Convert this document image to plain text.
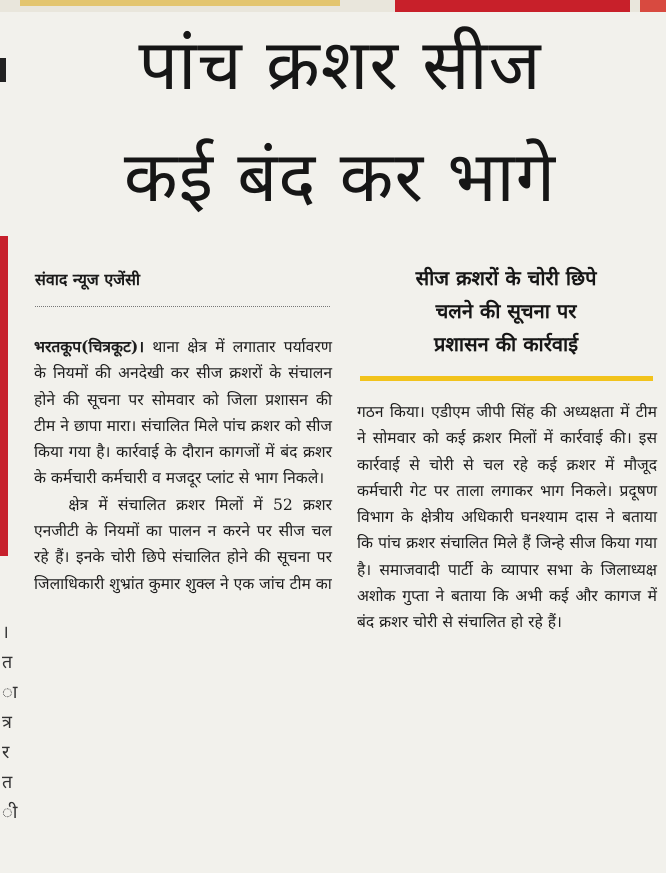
पांच क्रशर सीज
कई बंद कर भागे
संवाद न्यूज एजेंसी

भरतकूप(चित्रकूट)। थाना क्षेत्र में लगातार पर्यावरण के नियमों की अनदेखी कर सीज क्रशरों के संचालन होने की सूचना पर सोमवार को जिला प्रशासन की टीम ने छापा मारा। संचालित मिले पांच क्रशर को सीज किया गया है। कार्रवाई के दौरान कागजों में बंद क्रशर के कर्मचारी कर्मचारी व मजदूर प्लांट से भाग निकले।

क्षेत्र में संचालित क्रशर मिलों में 52 क्रशर एनजीटी के नियमों का पालन न करने पर सीज चल रहे हैं। इनके चोरी छिपे संचालित होने की सूचना पर जिलाधिकारी शुभ्रांत कुमार शुक्ल ने एक जांच टीम का

सीज क्रशरों के चोरी छिपे
चलने की सूचना पर
प्रशासन की कार्रवाई

गठन किया। एडीएम जीपी सिंह की अध्यक्षता में टीम ने सोमवार को कई क्रशर मिलों में कार्रवाई की। इस कार्रवाई से चोरी से चल रहे कई क्रशर में मौजूद कर्मचारी गेट पर ताला लगाकर भाग निकले। प्रदूषण विभाग के क्षेत्रीय अधिकारी घनश्याम दास ने बताया कि पांच क्रशर संचालित मिले हैं जिन्हे सीज किया गया है। समाजवादी पार्टी के व्यापार सभा के जिलाध्यक्ष अशोक गुप्ता ने बताया कि अभी कई और कागज में बंद क्रशर चोरी से संचालित हो रहे हैं।

।
त
ा
त्र
र
त
ी
